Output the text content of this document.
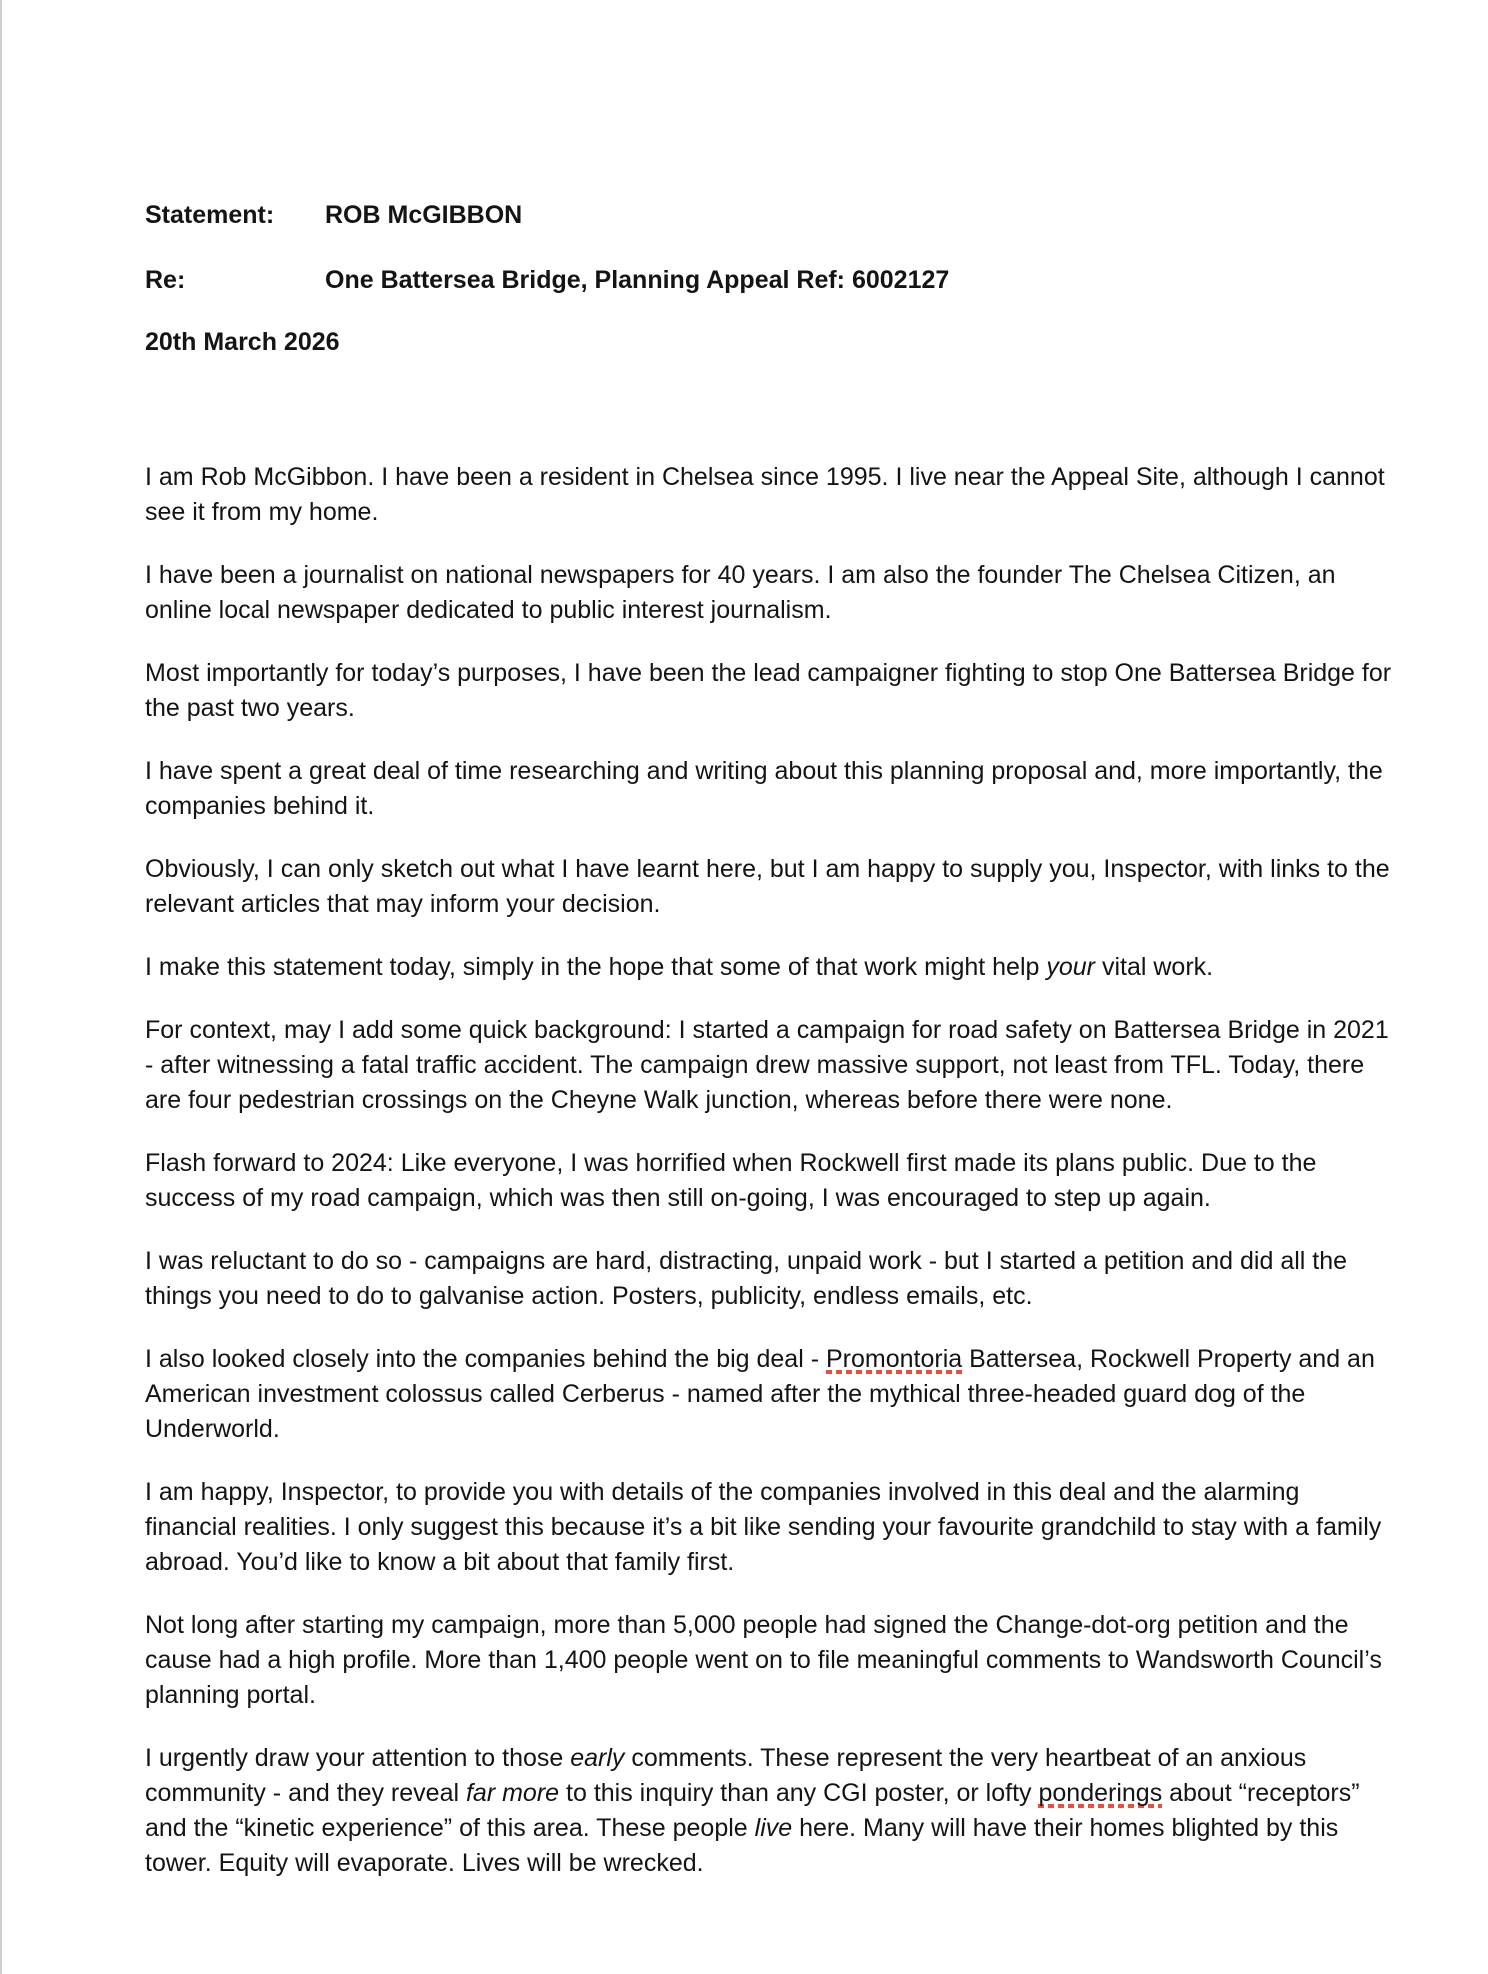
Statement:	ROB McGIBBON
Re:	One Battersea Bridge, Planning Appeal Ref: 6002127
20th March 2026

I am Rob McGibbon. I have been a resident in Chelsea since 1995. I live near the Appeal Site, although I cannot see it from my home.

I have been a journalist on national newspapers for 40 years. I am also the founder The Chelsea Citizen, an online local newspaper dedicated to public interest journalism.

Most importantly for today’s purposes, I have been the lead campaigner fighting to stop One Battersea Bridge for the past two years.

I have spent a great deal of time researching and writing about this planning proposal and, more importantly, the companies behind it.

Obviously, I can only sketch out what I have learnt here, but I am happy to supply you, Inspector, with links to the relevant articles that may inform your decision.

I make this statement today, simply in the hope that some of that work might help your vital work.

For context, may I add some quick background: I started a campaign for road safety on Battersea Bridge in 2021 - after witnessing a fatal traffic accident. The campaign drew massive support, not least from TFL. Today, there are four pedestrian crossings on the Cheyne Walk junction, whereas before there were none.

Flash forward to 2024: Like everyone, I was horrified when Rockwell first made its plans public. Due to the success of my road campaign, which was then still on-going, I was encouraged to step up again.

I was reluctant to do so - campaigns are hard, distracting, unpaid work - but I started a petition and did all the things you need to do to galvanise action. Posters, publicity, endless emails, etc.

I also looked closely into the companies behind the big deal - Promontoria Battersea, Rockwell Property and an American investment colossus called Cerberus - named after the mythical three-headed guard dog of the Underworld.

I am happy, Inspector, to provide you with details of the companies involved in this deal and the alarming financial realities. I only suggest this because it’s a bit like sending your favourite grandchild to stay with a family abroad. You’d like to know a bit about that family first.

Not long after starting my campaign, more than 5,000 people had signed the Change-dot-org petition and the cause had a high profile. More than 1,400 people went on to file meaningful comments to Wandsworth Council’s planning portal.

I urgently draw your attention to those early comments. These represent the very heartbeat of an anxious community - and they reveal far more to this inquiry than any CGI poster, or lofty ponderings about “receptors” and the “kinetic experience” of this area. These people live here. Many will have their homes blighted by this tower. Equity will evaporate. Lives will be wrecked.
